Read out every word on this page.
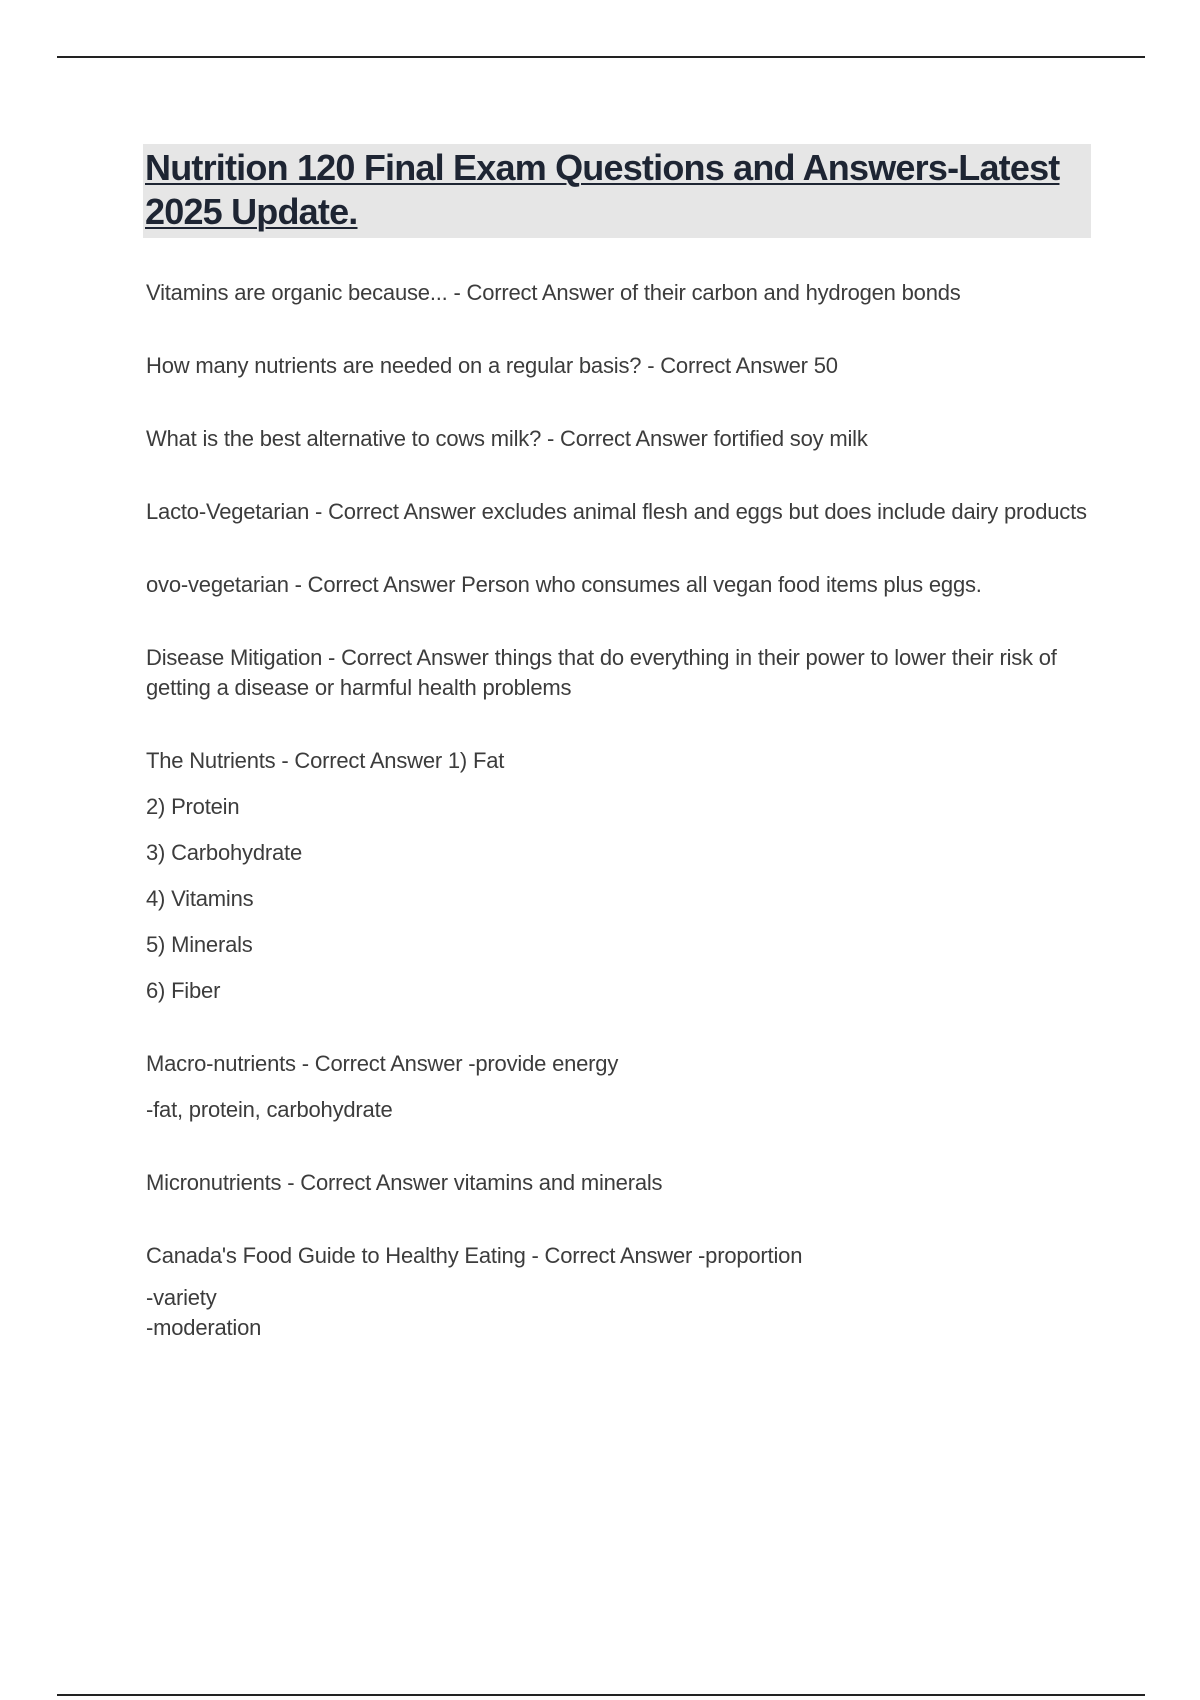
Nutrition 120 Final Exam Questions and Answers-Latest 2025 Update.

Vitamins are organic because... - Correct Answer of their carbon and hydrogen bonds

How many nutrients are needed on a regular basis? - Correct Answer 50

What is the best alternative to cows milk? - Correct Answer fortified soy milk

Lacto-Vegetarian - Correct Answer excludes animal flesh and eggs but does include dairy products

ovo-vegetarian - Correct Answer Person who consumes all vegan food items plus eggs.

Disease Mitigation - Correct Answer things that do everything in their power to lower their risk of getting a disease or harmful health problems

The Nutrients - Correct Answer 1) Fat

2) Protein

3) Carbohydrate

4) Vitamins

5) Minerals

6) Fiber

Macro-nutrients - Correct Answer -provide energy

-fat, protein, carbohydrate

Micronutrients - Correct Answer vitamins and minerals

Canada's Food Guide to Healthy Eating - Correct Answer -proportion

-variety

-moderation
